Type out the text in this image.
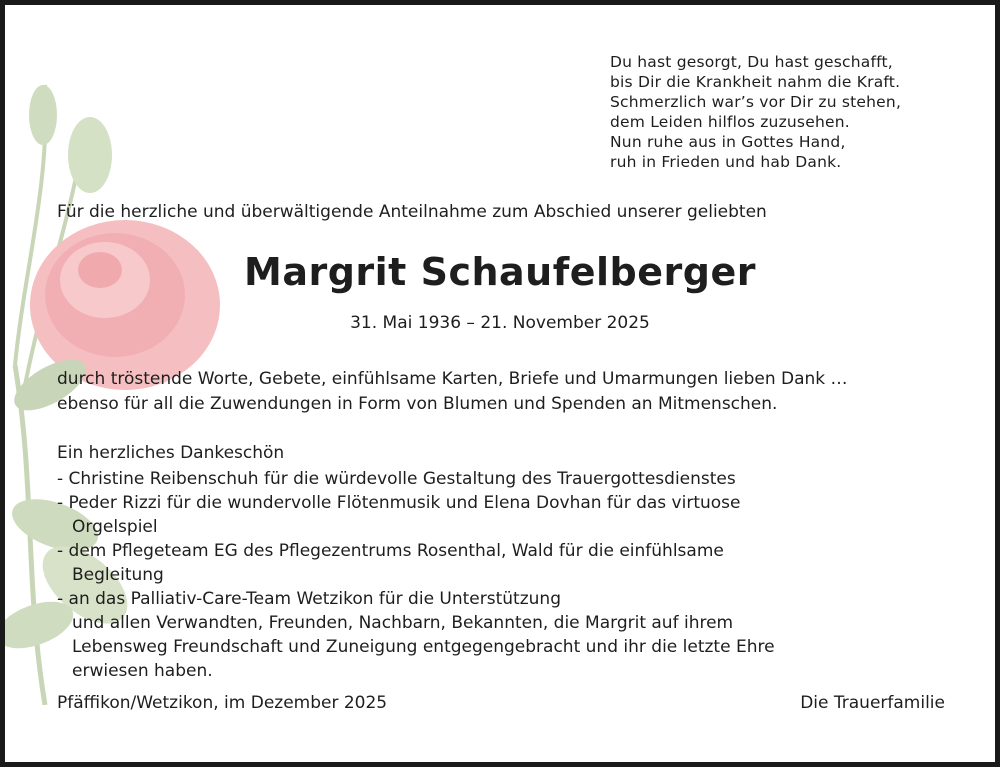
Du hast gesorgt, Du hast geschafft,
bis Dir die Krankheit nahm die Kraft.
Schmerzlich war’s vor Dir zu stehen,
dem Leiden hilflos zuzusehen.
Nun ruhe aus in Gottes Hand,
ruh in Frieden und hab Dank.
Für die herzliche und überwältigende Anteilnahme zum Abschied unserer geliebten
Margrit Schaufelberger
31. Mai 1936 – 21. November 2025
durch tröstende Worte, Gebete, einfühlsame Karten, Briefe und Umarmungen lieben Dank …
ebenso für all die Zuwendungen in Form von Blumen und Spenden an Mitmenschen.
Ein herzliches Dankeschön
- Christine Reibenschuh für die würdevolle Gestaltung des Trauergottesdienstes
- Peder Rizzi für die wundervolle Flötenmusik und Elena Dovhan für das virtuose
Orgelspiel
- dem Pflegeteam EG des Pflegezentrums Rosenthal, Wald für die einfühlsame
Begleitung
- an das Palliativ-Care-Team Wetzikon für die Unterstützung
und allen Verwandten, Freunden, Nachbarn, Bekannten, die Margrit auf ihrem
Lebensweg Freundschaft und Zuneigung entgegengebracht und ihr die letzte Ehre
erwiesen haben.
Pfäffikon/Wetzikon, im Dezember 2025	Die Trauerfamilie
